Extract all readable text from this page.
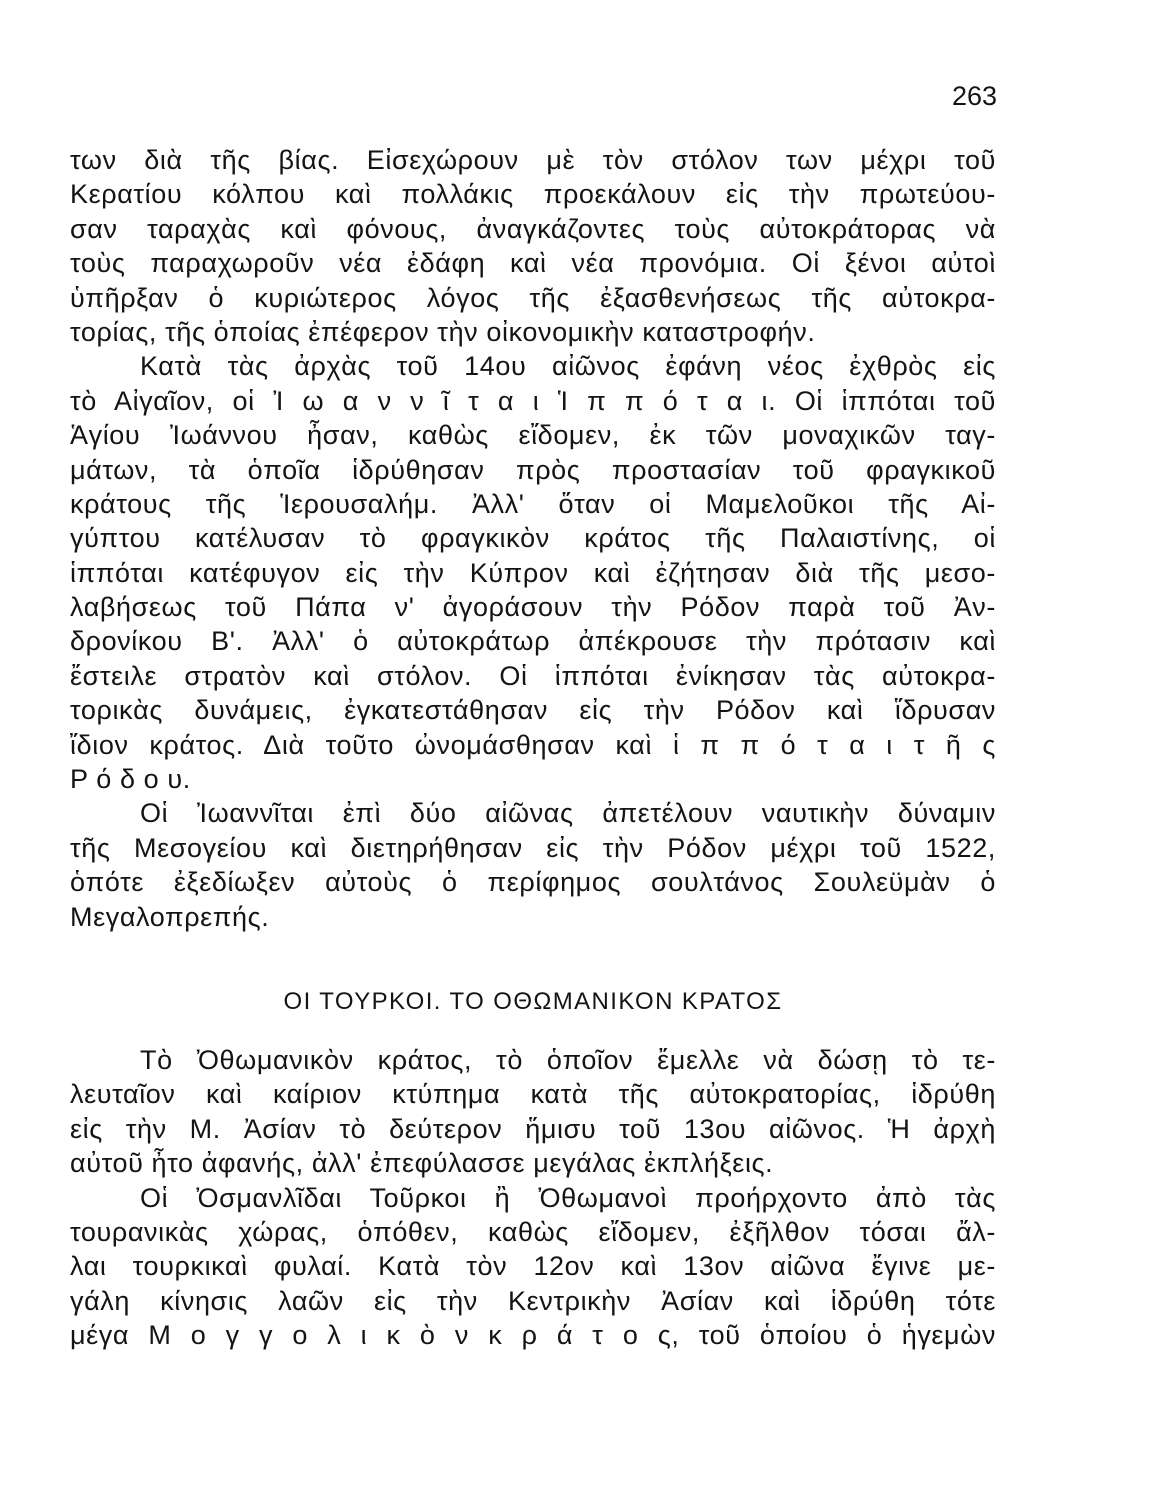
263
των διὰ τῆς βίας. Εἰσεχώρουν μὲ τὸν στόλον των μέχρι τοῦ
Κερατίου κόλπου καὶ πολλάκις προεκάλουν εἰς τὴν πρωτεύου-
σαν ταραχὰς καὶ φόνους, ἀναγκάζοντες τοὺς αὐτοκράτορας νὰ
τοὺς παραχωροῦν νέα ἐδάφη καὶ νέα προνόμια. Οἱ ξένοι αὐτοὶ
ὑπῆρξαν ὁ κυριώτερος λόγος τῆς ἐξασθενήσεως τῆς αὐτοκρα-
τορίας, τῆς ὁποίας ἐπέφερον τὴν οἰκονομικὴν καταστροφήν.
Κατὰ τὰς ἀρχὰς τοῦ 14ου αἰῶνος ἐφάνη νέος ἐχθρὸς εἰς
τὸ Αἰγαῖον, οἱ Ἰ ω α ν ν ῖ τ α ι Ἱ π π ό τ α ι. Οἱ ἱππόται τοῦ
Ἁγίου Ἰωάννου ἦσαν, καθὼς εἴδομεν, ἐκ τῶν μοναχικῶν ταγ-
μάτων, τὰ ὁποῖα ἱδρύθησαν πρὸς προστασίαν τοῦ φραγκικοῦ
κράτους τῆς Ἱερουσαλήμ. Ἀλλ' ὅταν οἱ Μαμελοῦκοι τῆς Αἰ-
γύπτου κατέλυσαν τὸ φραγκικὸν κράτος τῆς Παλαιστίνης, οἱ
ἱππόται κατέφυγον εἰς τὴν Κύπρον καὶ ἐζήτησαν διὰ τῆς μεσο-
λαβήσεως τοῦ Πάπα ν' ἀγοράσουν τὴν Ρόδον παρὰ τοῦ Ἀν-
δρονίκου Β'. Ἀλλ' ὁ αὐτοκράτωρ ἀπέκρουσε τὴν πρότασιν καὶ
ἔστειλε στρατὸν καὶ στόλον. Οἱ ἱππόται ἐνίκησαν τὰς αὐτοκρα-
τορικὰς δυνάμεις, ἐγκατεστάθησαν εἰς τὴν Ρόδον καὶ ἵδρυσαν
ἴδιον κράτος. Διὰ τοῦτο ὠνομάσθησαν καὶ ἱ π π ό τ α ι τ ῆ ς
Ρ ό δ ο υ.
Οἱ Ἰωαννῖται ἐπὶ δύο αἰῶνας ἀπετέλουν ναυτικὴν δύναμιν
τῆς Μεσογείου καὶ διετηρήθησαν εἰς τὴν Ρόδον μέχρι τοῦ 1522,
ὁπότε ἐξεδίωξεν αὐτοὺς ὁ περίφημος σουλτάνος Σουλεϋμὰν ὁ
Μεγαλοπρεπής.
ΟΙ ΤΟΥΡΚΟΙ. ΤΟ ΟΘΩΜΑΝΙΚΟΝ ΚΡΑΤΟΣ
Τὸ Ὀθωμανικὸν κράτος, τὸ ὁποῖον ἔμελλε νὰ δώσῃ τὸ τε-
λευταῖον καὶ καίριον κτύπημα κατὰ τῆς αὐτοκρατορίας, ἱδρύθη
εἰς τὴν Μ. Ἀσίαν τὸ δεύτερον ἥμισυ τοῦ 13ου αἰῶνος. Ἡ ἀρχὴ
αὐτοῦ ἦτο ἀφανής, ἀλλ' ἐπεφύλασσε μεγάλας ἐκπλήξεις.
Οἱ Ὀσμανλῖδαι Τοῦρκοι ἢ Ὀθωμανοὶ προήρχοντο ἀπὸ τὰς
τουρανικὰς χώρας, ὁπόθεν, καθὼς εἴδομεν, ἐξῆλθον τόσαι ἄλ-
λαι τουρκικαὶ φυλαί. Κατὰ τὸν 12ον καὶ 13ον αἰῶνα ἔγινε με-
γάλη κίνησις λαῶν εἰς τὴν Κεντρικὴν Ἀσίαν καὶ ἱδρύθη τότε
μέγα Μ ο γ γ ο λ ι κ ὸ ν κ ρ ά τ ο ς, τοῦ ὁποίου ὁ ἡγεμὼν
